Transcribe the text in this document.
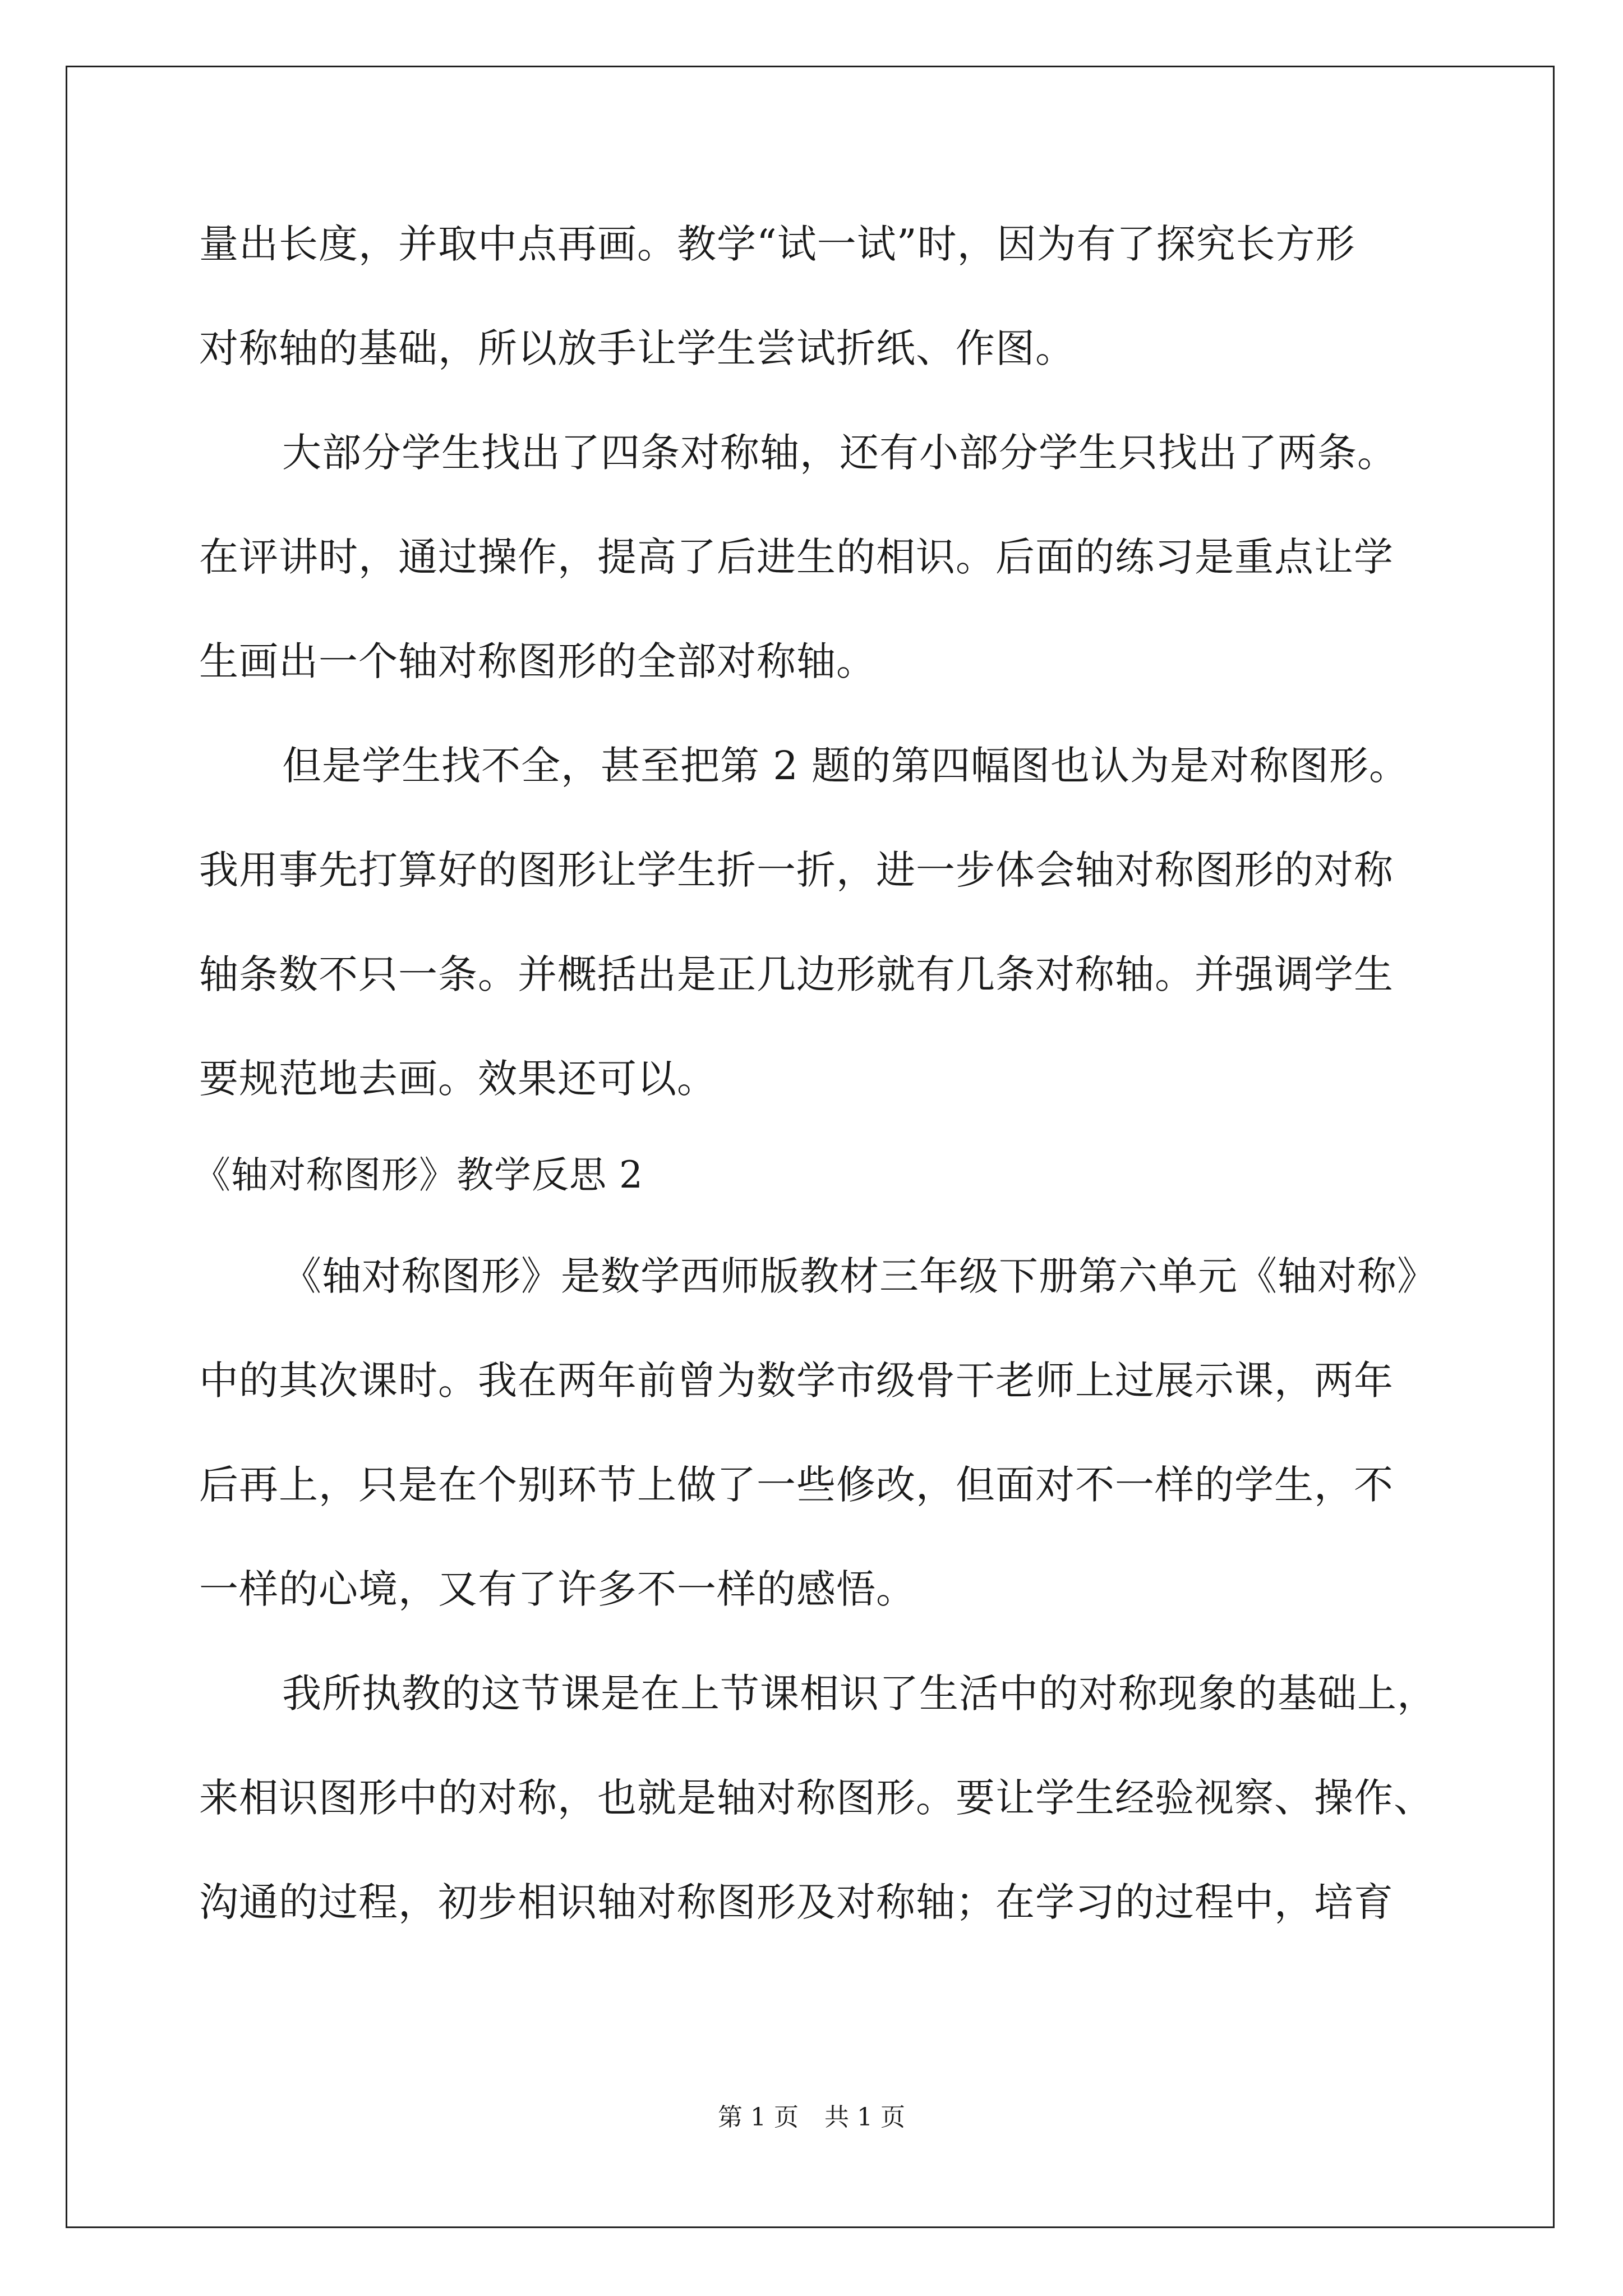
量出长度，并取中点再画。教学“试一试”时，因为有了探究长方形
对称轴的基础，所以放手让学生尝试折纸、作图。
大部分学生找出了四条对称轴，还有小部分学生只找出了两条。
在评讲时，通过操作，提高了后进生的相识。后面的练习是重点让学
生画出一个轴对称图形的全部对称轴。
但是学生找不全，甚至把第 2 题的第四幅图也认为是对称图形。
我用事先打算好的图形让学生折一折，进一步体会轴对称图形的对称
轴条数不只一条。并概括出是正几边形就有几条对称轴。并强调学生
要规范地去画。效果还可以。
《轴对称图形》教学反思 2
《轴对称图形》是数学西师版教材三年级下册第六单元《轴对称》
中的其次课时。我在两年前曾为数学市级骨干老师上过展示课，两年
后再上，只是在个别环节上做了一些修改，但面对不一样的学生，不
一样的心境，又有了许多不一样的感悟。
我所执教的这节课是在上节课相识了生活中的对称现象的基础上，
来相识图形中的对称，也就是轴对称图形。要让学生经验视察、操作、
沟通的过程，初步相识轴对称图形及对称轴；在学习的过程中，培育
第 1 页 共 1 页
